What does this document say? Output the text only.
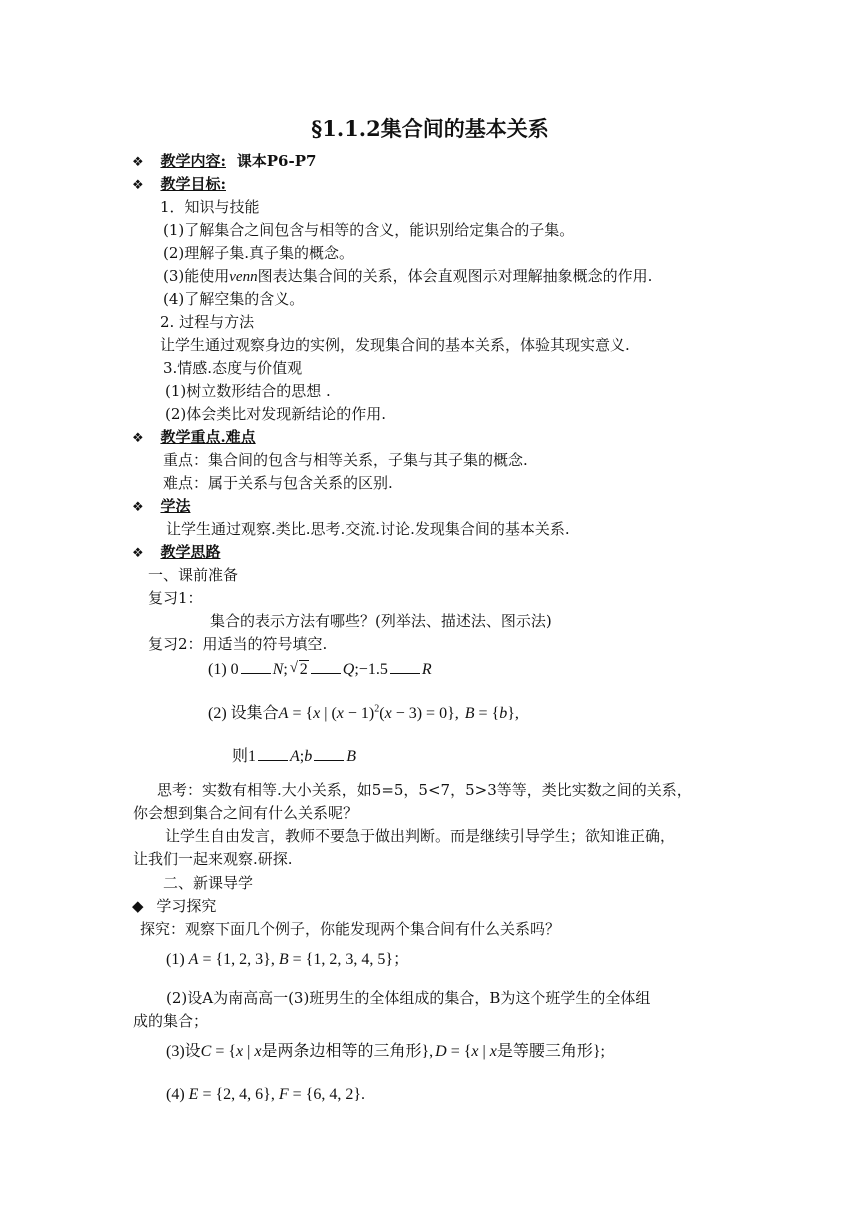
§1.1.2集合间的基本关系
❖ 教学内容: 课本P6-P7
❖ 教学目标:
1．知识与技能
(1)了解集合之间包含与相等的含义，能识别给定集合的子集。
(2)理解子集.真子集的概念。
(3)能使用venn图表达集合间的关系，体会直观图示对理解抽象概念的作用.
(4)了解空集的含义。
2. 过程与方法
让学生通过观察身边的实例，发现集合间的基本关系，体验其现实意义.
3.情感.态度与价值观
(1)树立数形结合的思想 .
(2)体会类比对发现新结论的作用.
❖ 教学重点.难点
重点：集合间的包含与相等关系，子集与其子集的概念.
难点：属于关系与包含关系的区别.
❖ 学法
让学生通过观察.类比.思考.交流.讨论.发现集合间的基本关系.
❖ 教学思路
一、课前准备
复习1：
集合的表示方法有哪些？(列举法、描述法、图示法)
复习2：用适当的符号填空.
(1) 0 N; √ 2 Q;−1.5 R
(2) 设集合A = {x | $(x - 1)^2(x - 3) = 0$}, B = {b},
则1 A;b B
思考：实数有相等.大小关系，如5=5，5<7，5>3等等，类比实数之间的关系，
你会想到集合之间有什么关系呢？
让学生自由发言，教师不要急于做出判断。而是继续引导学生；欲知谁正确，
让我们一起来观察.研探.
二、新课导学
◆ 学习探究
探究：观察下面几个例子，你能发现两个集合间有什么关系吗？
(1) A = {1, 2, 3}, B = {1, 2, 3, 4, 5}；
(2)设A为南高高一(3)班男生的全体组成的集合，B为这个班学生的全体组
成的集合；
(3)设C = {x | x是两条边相等的三角形}, D = {x | x是等腰三角形};
(4) E = {2, 4, 6}, F = {6, 4, 2}.
